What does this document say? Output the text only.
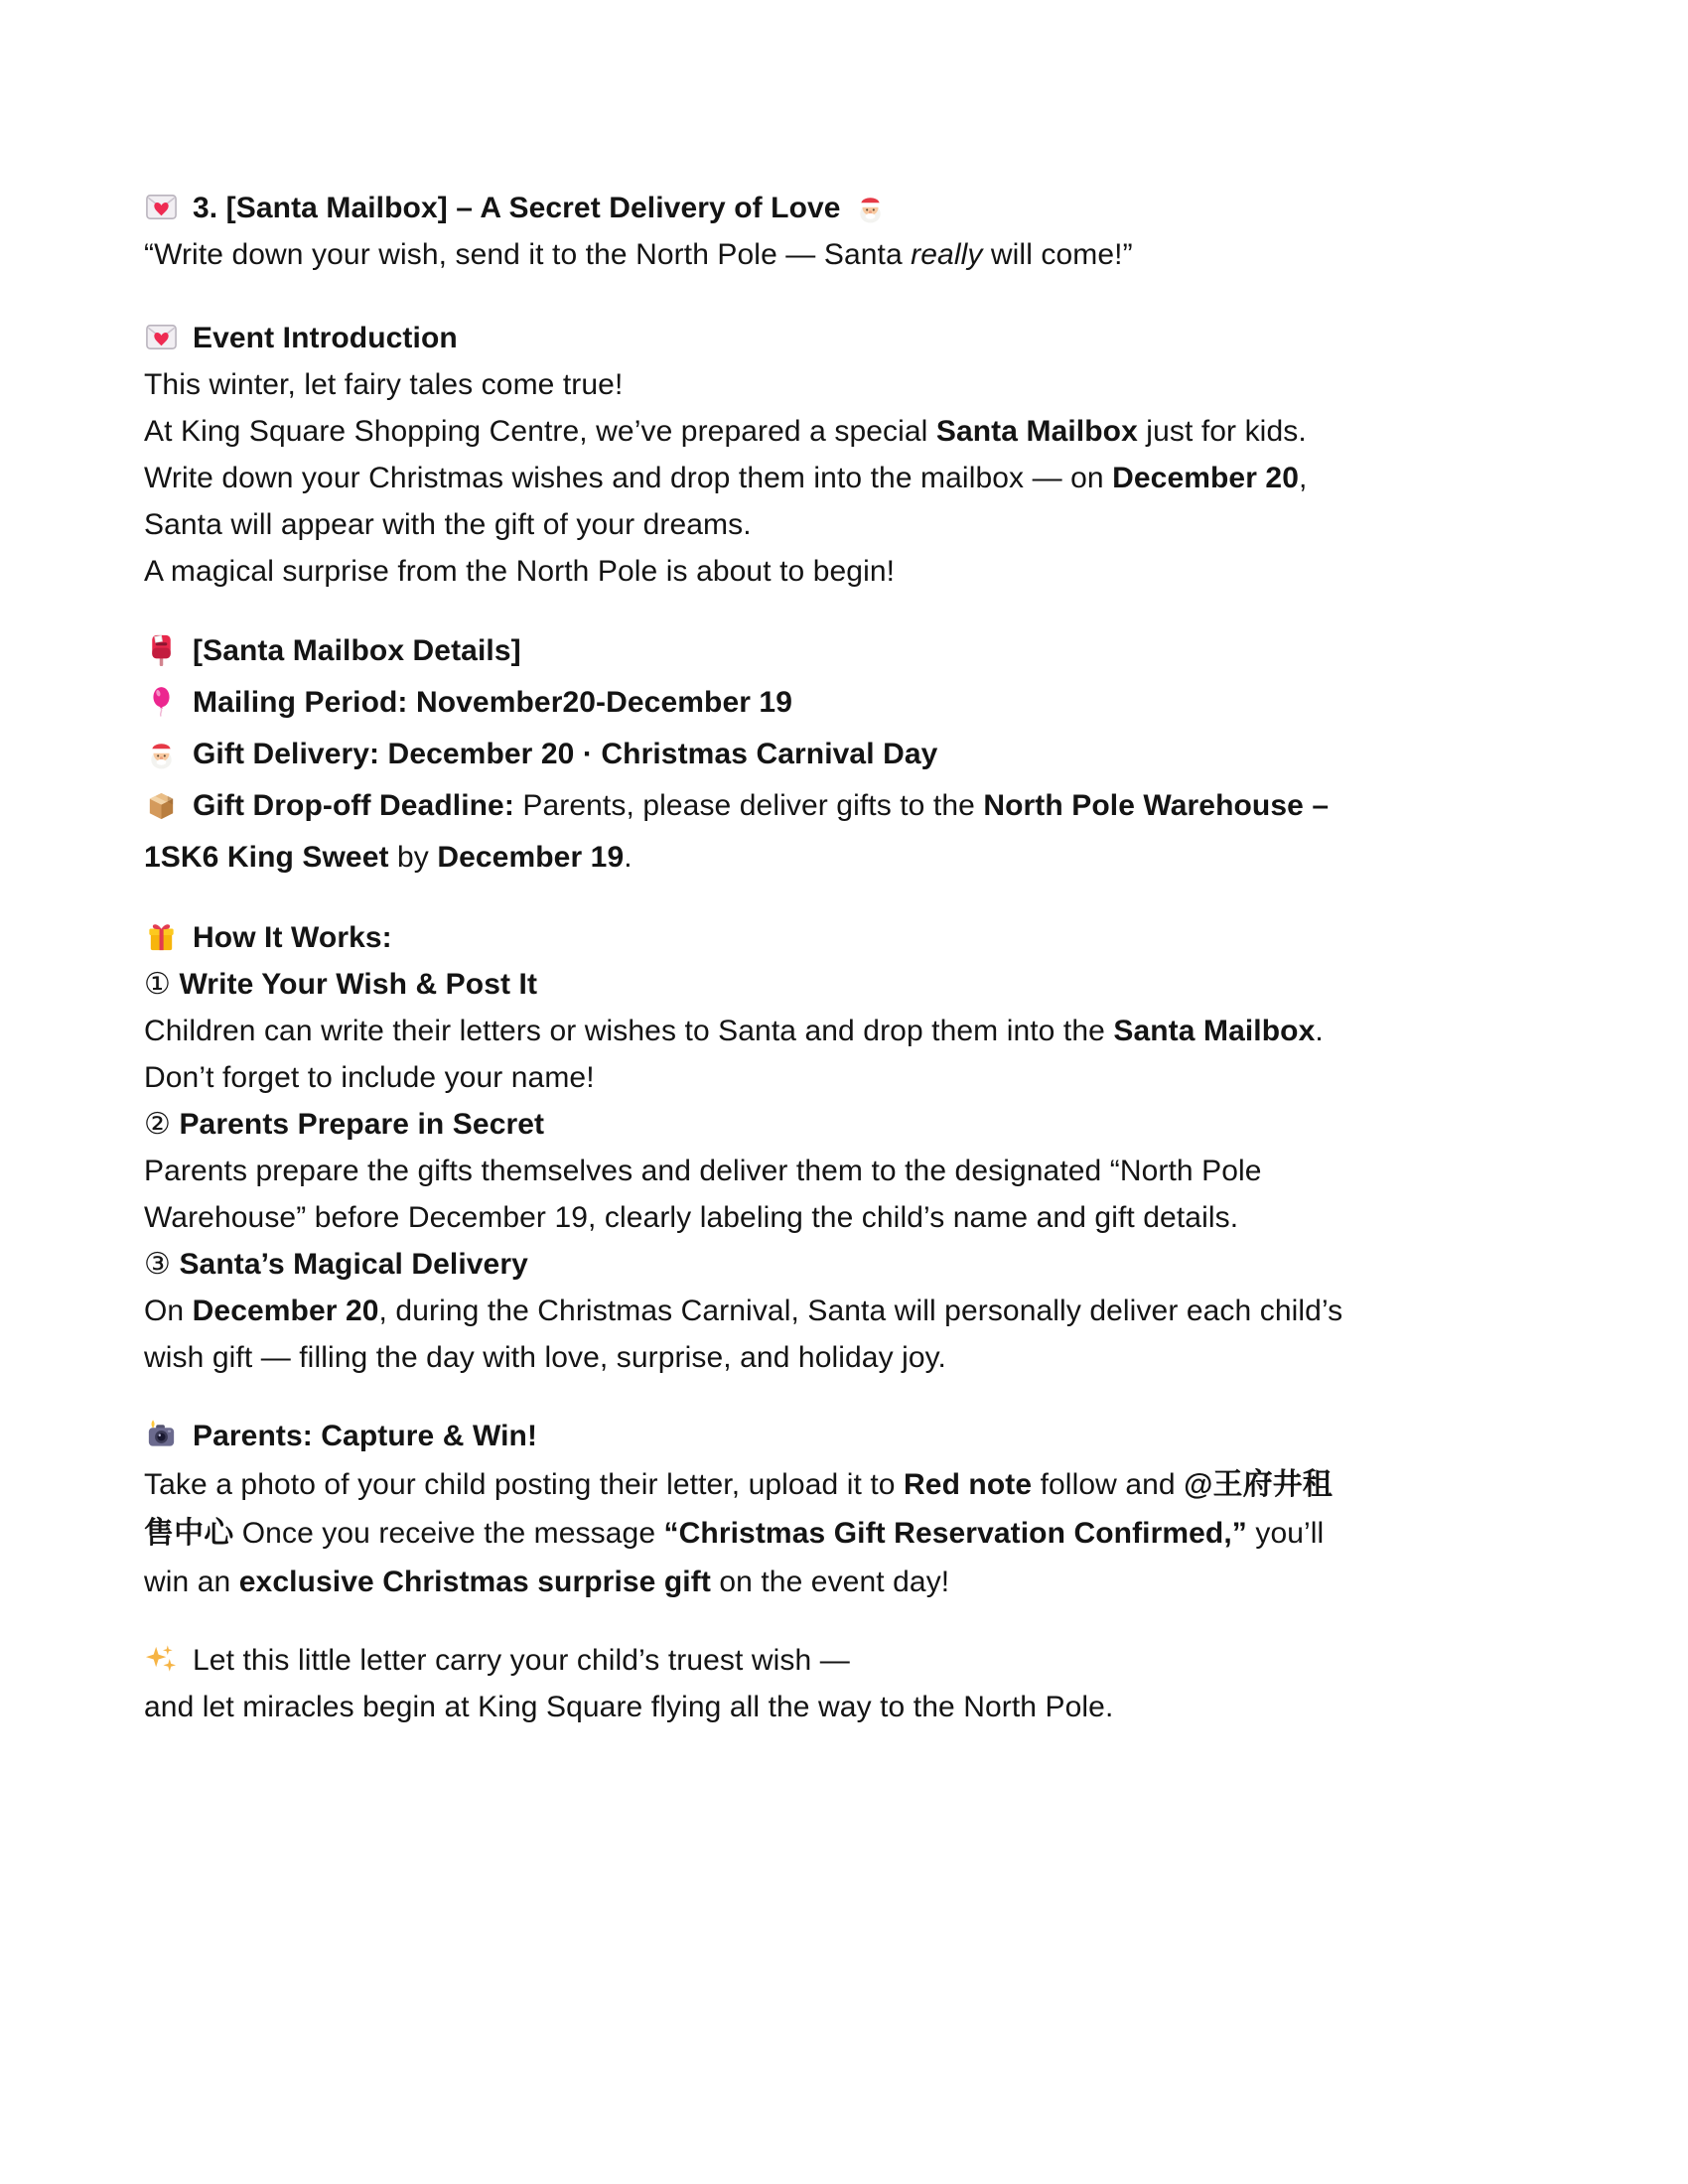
3. [Santa Mailbox] – A Secret Delivery of Love
“Write down your wish, send it to the North Pole — Santa really will come!”
Event Introduction
This winter, let fairy tales come true!
At King Square Shopping Centre, we’ve prepared a special Santa Mailbox just for kids.
Write down your Christmas wishes and drop them into the mailbox — on December 20,
Santa will appear with the gift of your dreams.
A magical surprise from the North Pole is about to begin!
[Santa Mailbox Details]
Mailing Period: November20-December 19
Gift Delivery: December 20 · Christmas Carnival Day
Gift Drop-off Deadline: Parents, please deliver gifts to the North Pole Warehouse –
1SK6 King Sweet by December 19.
How It Works:
① Write Your Wish & Post It
Children can write their letters or wishes to Santa and drop them into the Santa Mailbox.
Don’t forget to include your name!
② Parents Prepare in Secret
Parents prepare the gifts themselves and deliver them to the designated “North Pole
Warehouse” before December 19, clearly labeling the child’s name and gift details.
③ Santa’s Magical Delivery
On December 20, during the Christmas Carnival, Santa will personally deliver each child’s
wish gift — filling the day with love, surprise, and holiday joy.
Parents: Capture & Win!
Take a photo of your child posting their letter, upload it to Red note follow and @王府井租
售中心 Once you receive the message “Christmas Gift Reservation Confirmed,” you’ll
win an exclusive Christmas surprise gift on the event day!
Let this little letter carry your child’s truest wish —
and let miracles begin at King Square flying all the way to the North Pole.
